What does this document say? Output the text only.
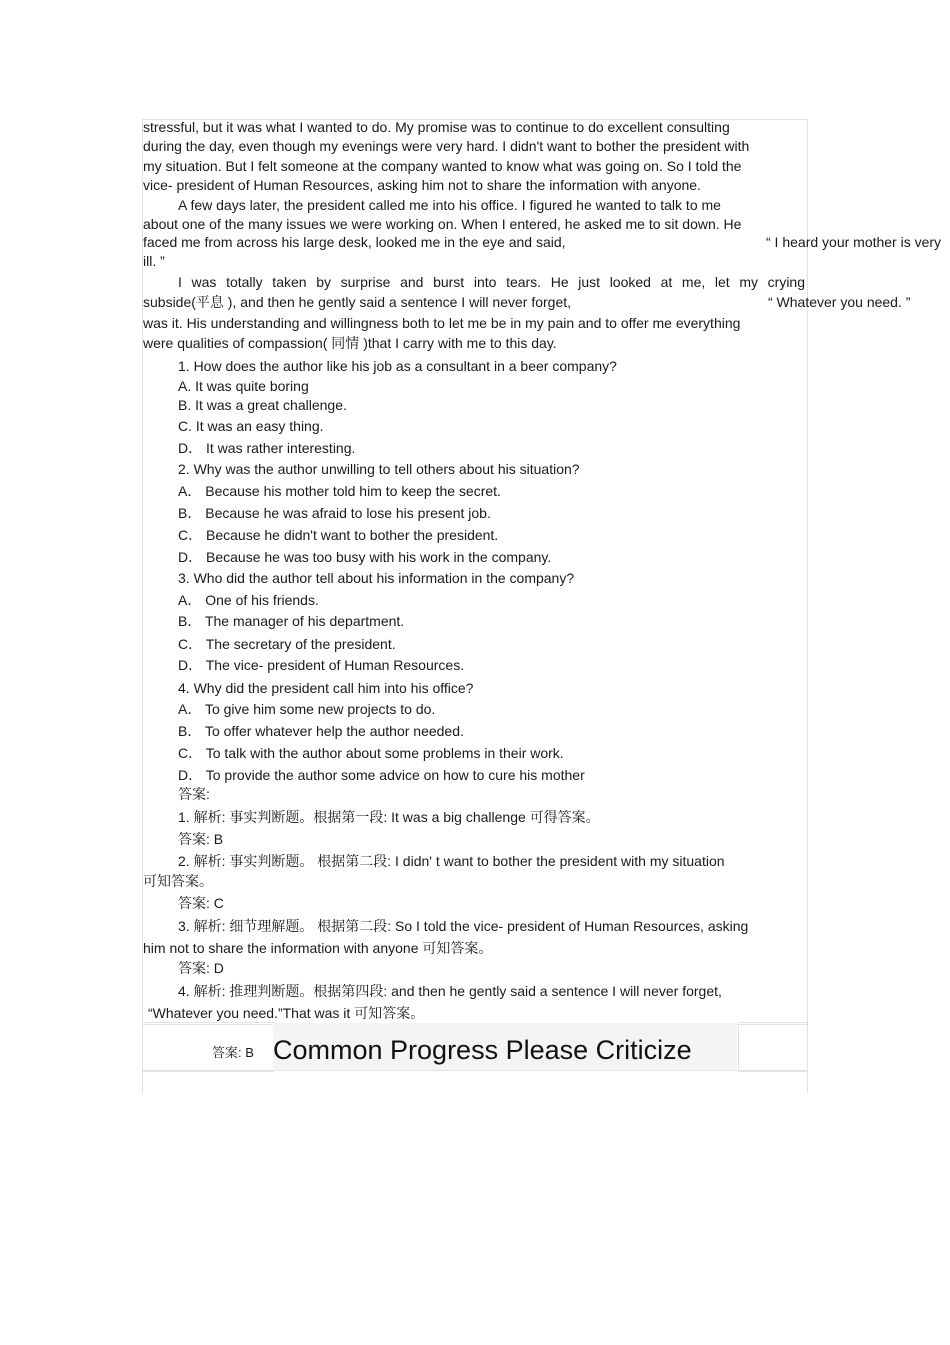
stressful, but it was what I wanted to do. My promise was to continue to do excellent consulting
during the day, even though my evenings were very hard. I didn't want to bother the president with
my situation. But I felt someone at the company wanted to know what was going on. So I told the
vice- president of Human Resources, asking him not to share the information with anyone.
A few days later, the president called me into his office. I figured he wanted to talk to me
about one of the many issues we were working on. When I entered, he asked me to sit down. He
faced me from across his large desk, looked me in the eye and said,	“ I heard your mother is very
ill. ”
I was totally taken by surprise and burst into tears. He just looked at me, let my crying
subside(平息 ), and then he gently said a sentence I will never forget,	“ Whatever you need. ”
was it. His understanding and willingness both to let me be in my pain and to offer me everything
were qualities of compassion( 同情 )that I carry with me to this day.
1. How does the author like his job as a consultant in a beer company?
A. It was quite boring
B. It was a great challenge.
C. It was an easy thing.
D． It was rather interesting.
2. Why was the author unwilling to tell others about his situation?
A． Because his mother told him to keep the secret.
B． Because he was afraid to lose his present job.
C． Because he didn't want to bother the president.
D． Because he was too busy with his work in the company.
3. Who did the author tell about his information in the company?
A． One of his friends.
B． The manager of his department.
C． The secretary of the president.
D． The vice- president of Human Resources.
4. Why did the president call him into his office?
A． To give him some new projects to do.
B． To offer whatever help the author needed.
C． To talk with the author about some problems in their work.
D． To provide the author some advice on how to cure his mother
答案:
1. 解析: 事实判断题。根据第一段: It was a big challenge 可得答案。
答案: B
2. 解析: 事实判断题。 根据第二段: I didn' t want to bother the president with my situation
可知答案。
答案: C
3. 解析: 细节理解题。 根据第二段: So I told the vice- president of Human Resources, asking
him not to share the information with anyone 可知答案。
答案: D
4. 解析: 推理判断题。根据第四段: and then he gently said a sentence I will never forget,
“Whatever you need.”That was it 可知答案。
答案: B Common Progress Please Criticize
